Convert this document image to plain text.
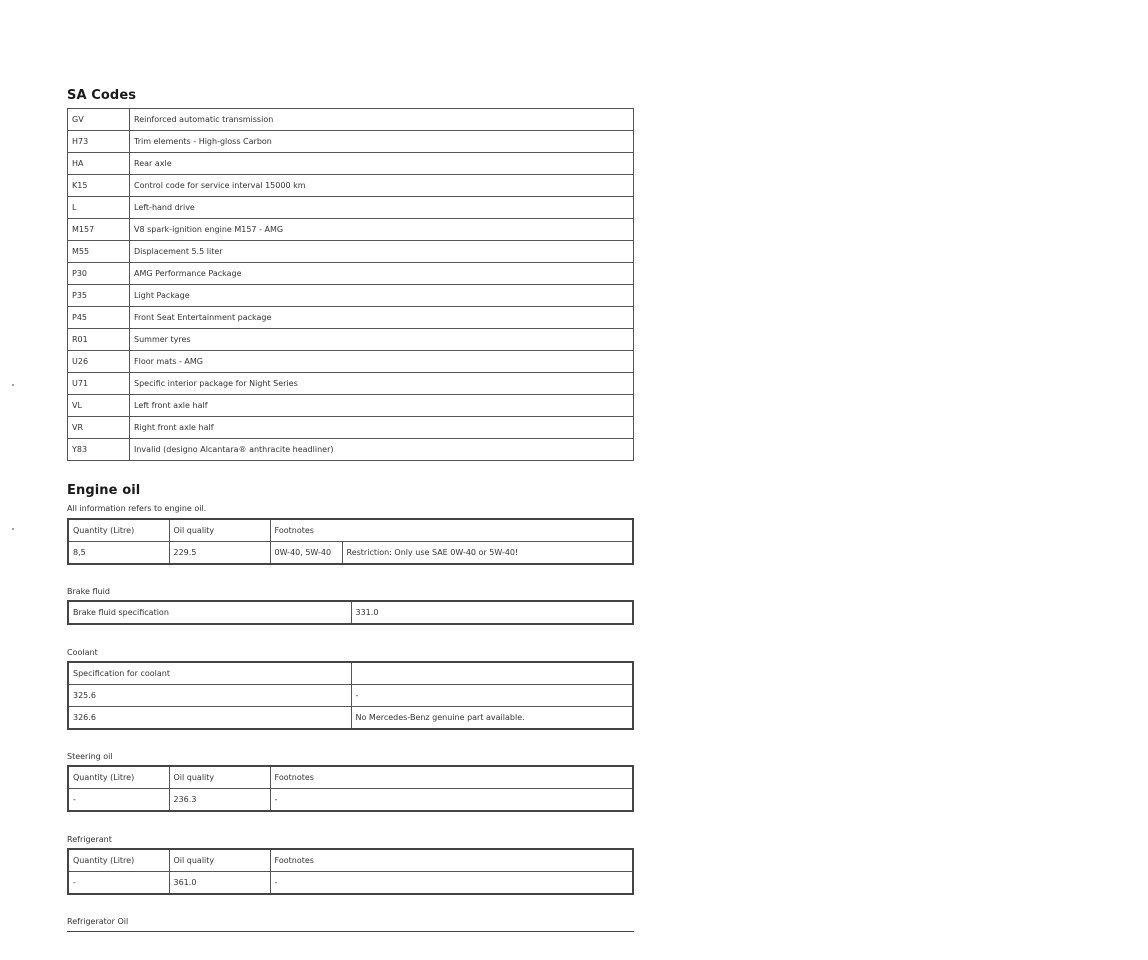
SA Codes
GV	Reinforced automatic transmission
H73	Trim elements - High-gloss Carbon
HA	Rear axle
K15	Control code for service interval 15000 km
L	Left-hand drive
M157	V8 spark-ignition engine M157 - AMG
M55	Displacement 5.5 liter
P30	AMG Performance Package
P35	Light Package
P45	Front Seat Entertainment package
R01	Summer tyres
U26	Floor mats - AMG
U71	Specific interior package for Night Series
VL	Left front axle half
VR	Right front axle half
Y83	Invalid (designo Alcantara® anthracite headliner)
Engine oil

All information refers to engine oil.

Quantity (Litre)	Oil quality	Footnotes	
8,5	229.5	0W-40, 5W-40	Restriction: Only use SAE 0W-40 or 5W-40!

Brake fluid

Brake fluid specification	331.0

Coolant

Specification for coolant	
325.6	-
326.6	No Mercedes-Benz genuine part available.

Steering oil

Quantity (Litre)	Oil quality	Footnotes
-	236.3	-

Refrigerant

Quantity (Litre)	Oil quality	Footnotes
-	361.0	-

Refrigerator Oil
